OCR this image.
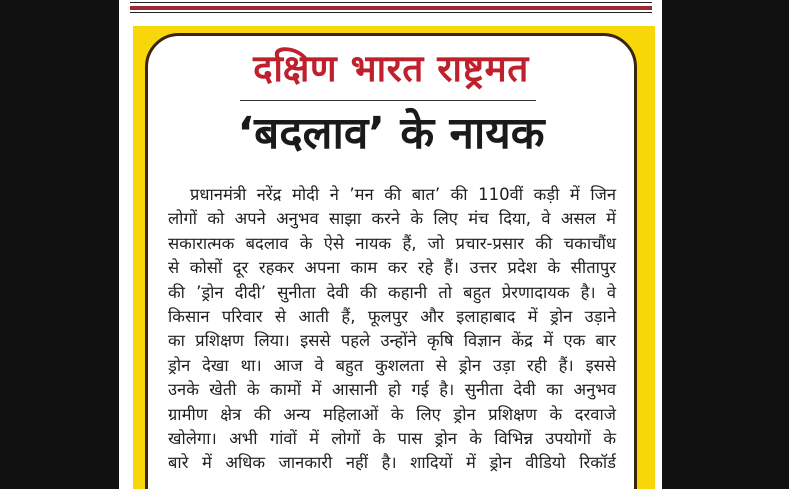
दक्षिण भारत राष्ट्रमत
‘बदलाव’ के नायक
प्रधानमंत्री नरेंद्र मोदी ने ’मन की बात’ की 110वीं कड़ी में जिन
लोगों को अपने अनुभव साझा करने के लिए मंच दिया, वे असल में
सकारात्मक बदलाव के ऐसे नायक हैं, जो प्रचार-प्रसार की चकाचौंध
से कोसों दूर रहकर अपना काम कर रहे हैं। उत्तर प्रदेश के सीतापुर
की ’ड्रोन दीदी’ सुनीता देवी की कहानी तो बहुत प्रेरणादायक है। वे
किसान परिवार से आती हैं, फूलपुर और इलाहाबाद में ड्रोन उड़ाने
का प्रशिक्षण लिया। इससे पहले उन्होंने कृषि विज्ञान केंद्र में एक बार
ड्रोन देखा था। आज वे बहुत कुशलता से ड्रोन उड़ा रही हैं। इससे
उनके खेती के कामों में आसानी हो गई है। सुनीता देवी का अनुभव
ग्रामीण क्षेत्र की अन्य महिलाओं के लिए ड्रोन प्रशिक्षण के दरवाजे
खोलेगा। अभी गांवों में लोगों के पास ड्रोन के विभिन्न उपयोगों के
बारे में अधिक जानकारी नहीं है। शादियों में ड्रोन वीडियो रिकॉर्ड
